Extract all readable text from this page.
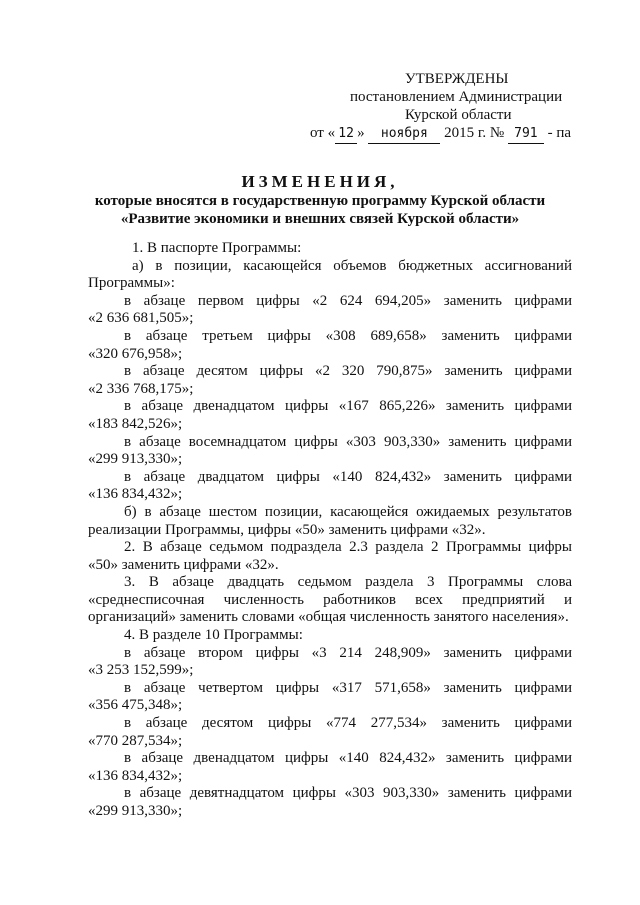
УТВЕРЖДЕНЫ
постановлением Администрации
Курской области
от « 12 » ноября 2015 г. № 791 - па
ИЗМЕНЕНИЯ,
которые вносятся в государственную программу Курской области
«Развитие экономики и внешних связей Курской области»
1. В паспорте Программы:
а) в позиции, касающейся объемов бюджетных ассигнований
Программы»:
в абзаце первом цифры «2 624 694,205» заменить цифрами
«2 636 681,505»;
в абзаце третьем цифры «308 689,658» заменить цифрами
«320 676,958»;
в абзаце десятом цифры «2 320 790,875» заменить цифрами
«2 336 768,175»;
в абзаце двенадцатом цифры «167 865,226» заменить цифрами
«183 842,526»;
в абзаце восемнадцатом цифры «303 903,330» заменить цифрами
«299 913,330»;
в абзаце двадцатом цифры «140 824,432» заменить цифрами
«136 834,432»;
б) в абзаце шестом позиции, касающейся ожидаемых результатов
реализации Программы, цифры «50» заменить цифрами «32».
2. В абзаце седьмом подраздела 2.3 раздела 2 Программы цифры
«50» заменить цифрами «32».
3. В абзаце двадцать седьмом раздела 3 Программы слова
«среднесписочная численность работников всех предприятий и
организаций» заменить словами «общая численность занятого населения».
4. В разделе 10 Программы:
в абзаце втором цифры «3 214 248,909» заменить цифрами
«3 253 152,599»;
в абзаце четвертом цифры «317 571,658» заменить цифрами
«356 475,348»;
в абзаце десятом цифры «774 277,534» заменить цифрами
«770 287,534»;
в абзаце двенадцатом цифры «140 824,432» заменить цифрами
«136 834,432»;
в абзаце девятнадцатом цифры «303 903,330» заменить цифрами
«299 913,330»;
